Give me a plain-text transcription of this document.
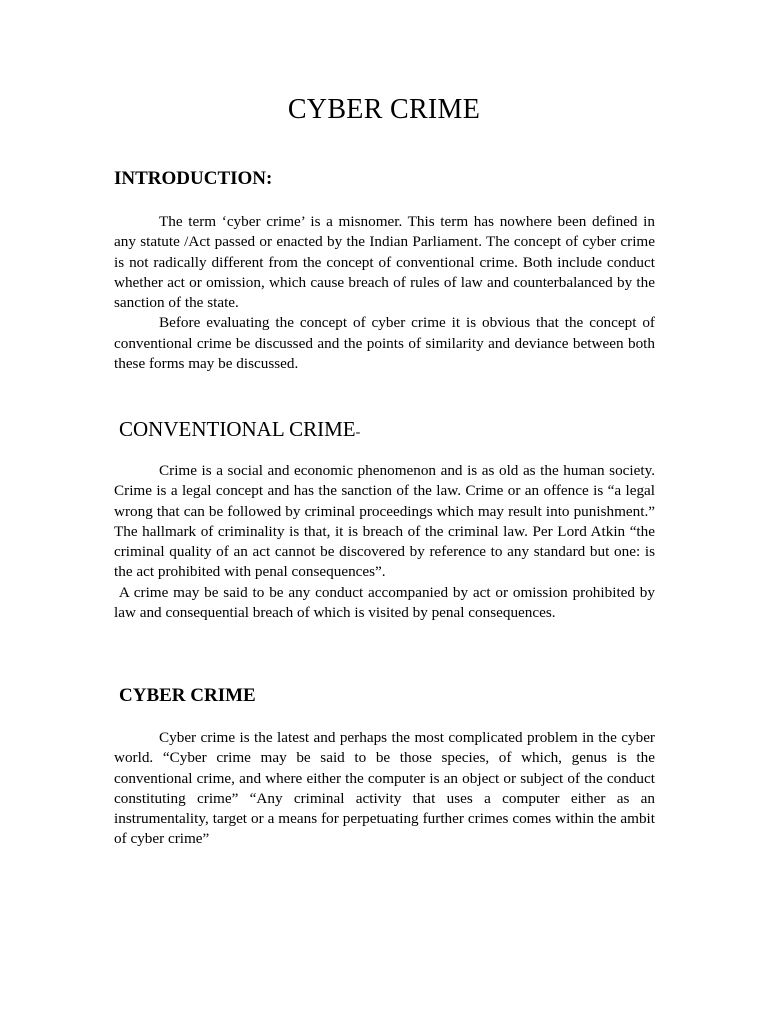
CYBER CRIME
INTRODUCTION:

The term ‘cyber crime’ is a misnomer. This term has nowhere been defined in any statute /Act passed or enacted by the Indian Parliament. The concept of cyber crime is not radically different from the concept of conventional crime. Both include conduct whether act or omission, which cause breach of rules of law and counterbalanced by the sanction of the state.

Before evaluating the concept of cyber crime it is obvious that the concept of conventional crime be discussed and the points of similarity and deviance between both these forms may be discussed.

CONVENTIONAL CRIME-

Crime is a social and economic phenomenon and is as old as the human society. Crime is a legal concept and has the sanction of the law. Crime or an offence is “a legal wrong that can be followed by criminal proceedings which may result into punishment.” The hallmark of criminality is that, it is breach of the criminal law. Per Lord Atkin “the criminal quality of an act cannot be discovered by reference to any standard but one: is the act prohibited with penal consequences”.

A crime may be said to be any conduct accompanied by act or omission prohibited by law and consequential breach of which is visited by penal consequences.

CYBER CRIME

Cyber crime is the latest and perhaps the most complicated problem in the cyber world. “Cyber crime may be said to be those species, of which, genus is the conventional crime, and where either the computer is an object or subject of the conduct constituting crime” “Any criminal activity that uses a computer either as an instrumentality, target or a means for perpetuating further crimes comes within the ambit of cyber crime”
